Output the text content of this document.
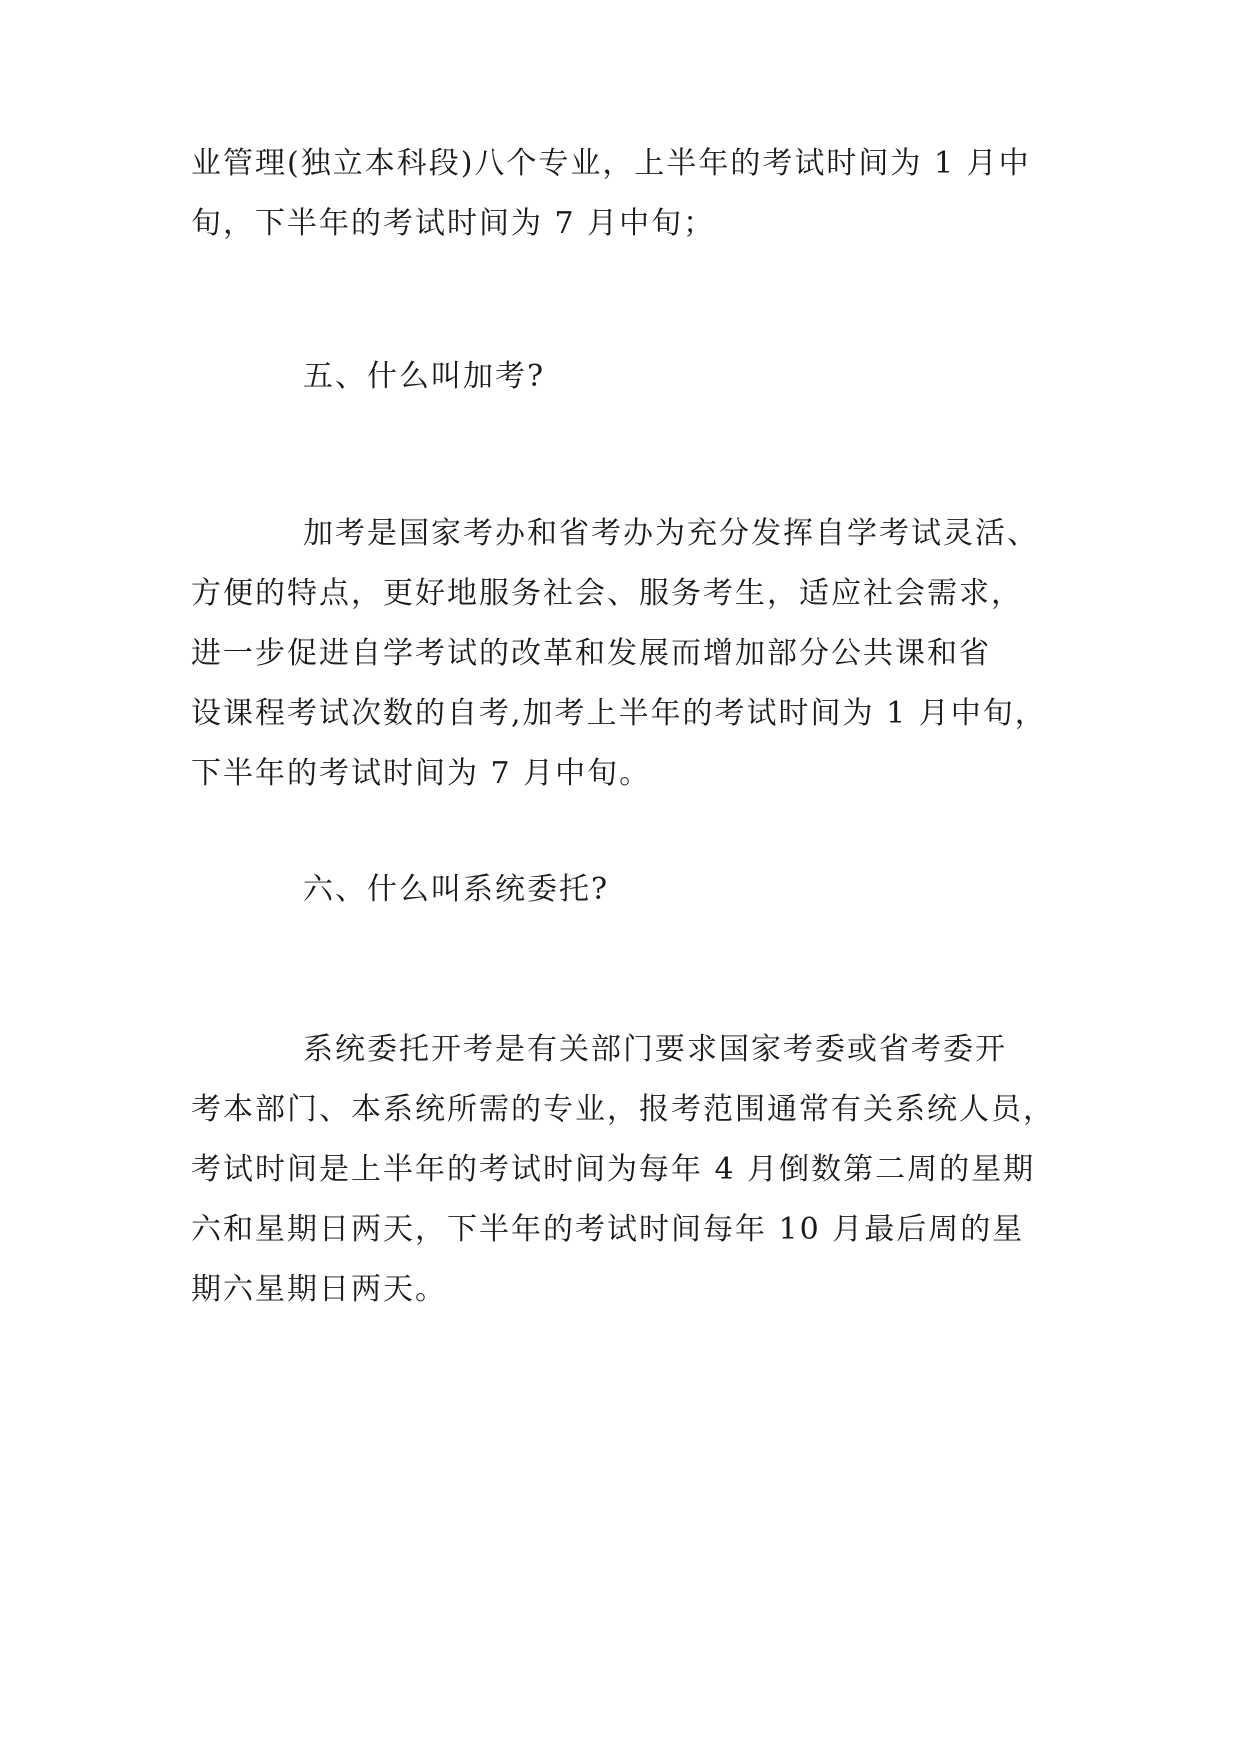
业管理(独立本科段)八个专业，上半年的考试时间为 1 月中
旬，下半年的考试时间为 7 月中旬；
五、什么叫加考?
加考是国家考办和省考办为充分发挥自学考试灵活、
方便的特点，更好地服务社会、服务考生，适应社会需求，
进一步促进自学考试的改革和发展而增加部分公共课和省
设课程考试次数的自考,加考上半年的考试时间为 1 月中旬，
下半年的考试时间为 7 月中旬。
六、什么叫系统委托?
系统委托开考是有关部门要求国家考委或省考委开
考本部门、本系统所需的专业，报考范围通常有关系统人员，
考试时间是上半年的考试时间为每年 4 月倒数第二周的星期
六和星期日两天，下半年的考试时间每年 10 月最后周的星
期六星期日两天。
